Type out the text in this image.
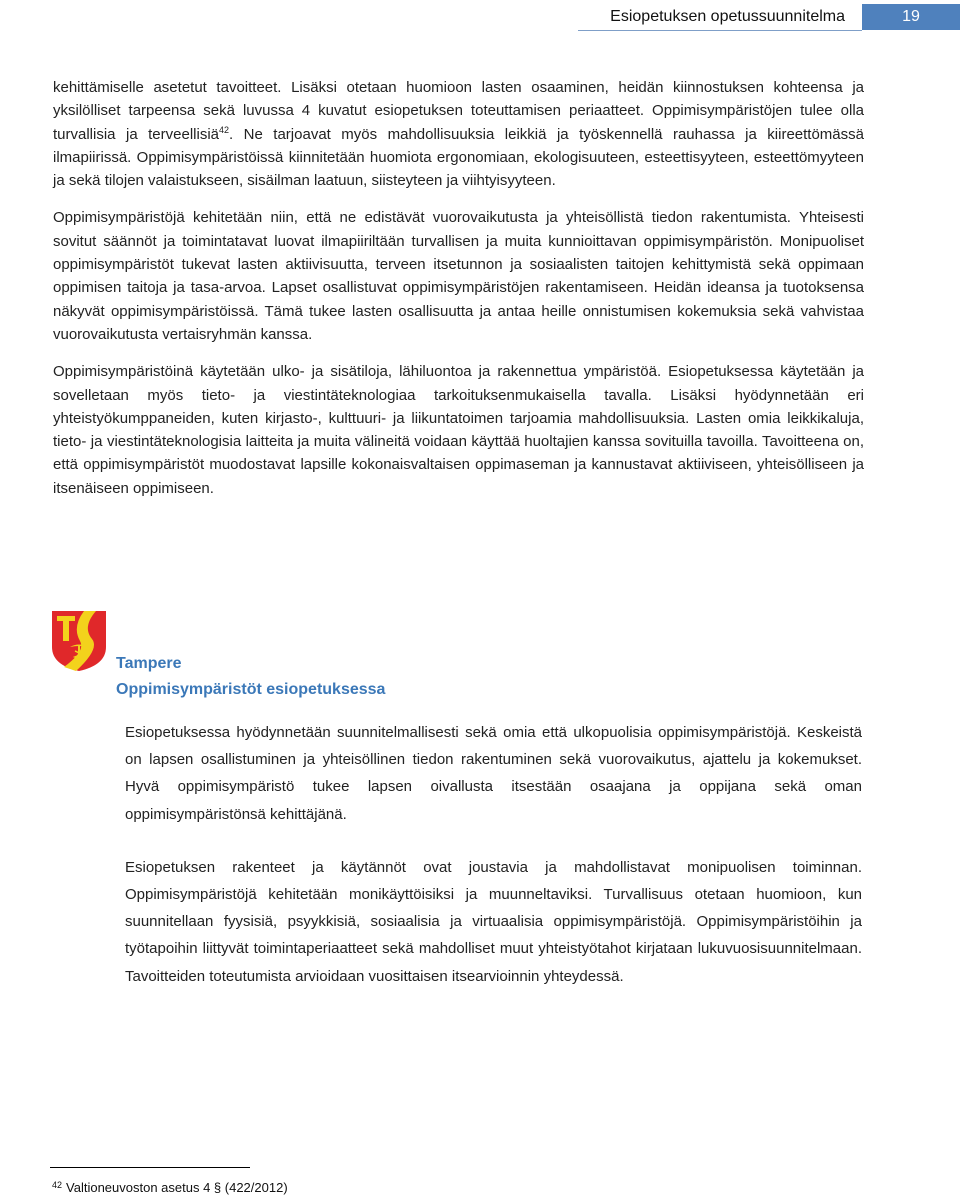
Esiopetuksen opetussuunnitelma	19

kehittämiselle asetetut tavoitteet. Lisäksi otetaan huomioon lasten osaaminen, heidän kiinnostuksen kohteensa ja yksilölliset tarpeensa sekä luvussa 4 kuvatut esiopetuksen toteuttamisen periaatteet. Oppimisympäristöjen tulee olla turvallisia ja terveellisiä$^{42}$. Ne tarjoavat myös mahdollisuuksia leikkiä ja työskennellä rauhassa ja kiireettömässä ilmapiirissä. Oppimisympäristöissä kiinnitetään huomiota ergonomiaan, ekologisuuteen, esteettisyyteen, esteettömyyteen ja sekä tilojen valaistukseen, sisäilman laatuun, siisteyteen ja viihtyisyyteen.

Oppimisympäristöjä kehitetään niin, että ne edistävät vuorovaikutusta ja yhteisöllistä tiedon rakentumista. Yhteisesti sovitut säännöt ja toimintatavat luovat ilmapiiriltään turvallisen ja muita kunnioittavan oppimisympäristön. Monipuoliset oppimisympäristöt tukevat lasten aktiivisuutta, terveen itsetunnon ja sosiaalisten taitojen kehittymistä sekä oppimaan oppimisen taitoja ja tasa-arvoa. Lapset osallistuvat oppimisympäristöjen rakentamiseen. Heidän ideansa ja tuotoksensa näkyvät oppimisympäristöissä. Tämä tukee lasten osallisuutta ja antaa heille onnistumisen kokemuksia sekä vahvistaa vuorovaikutusta vertaisryhmän kanssa.

Oppimisympäristöinä käytetään ulko- ja sisätiloja, lähiluontoa ja rakennettua ympäristöä. Esiopetuksessa käytetään ja sovelletaan myös tieto- ja viestintäteknologiaa tarkoituksenmukaisella tavalla. Lisäksi hyödynnetään eri yhteistyökumppaneiden, kuten kirjasto-, kulttuuri- ja liikuntatoimen tarjoamia mahdollisuuksia. Lasten omia leikkikaluja, tieto- ja viestintäteknologisia laitteita ja muita välineitä voidaan käyttää huoltajien kanssa sovituilla tavoilla. Tavoitteena on, että oppimisympäristöt muodostavat lapsille kokonaisvaltaisen oppimaseman ja kannustavat aktiiviseen, yhteisölliseen ja itsenäiseen oppimiseen.

Tampere
Oppimisympäristöt esiopetuksessa

Esiopetuksessa hyödynnetään suunnitelmallisesti sekä omia että ulkopuolisia oppimisympäristöjä. Keskeistä on lapsen osallistuminen ja yhteisöllinen tiedon rakentuminen sekä vuorovaikutus, ajattelu ja kokemukset. Hyvä oppimisympäristö tukee lapsen oivallusta itsestään osaajana ja oppijana sekä oman oppimisympäristönsä kehittäjänä.

Esiopetuksen rakenteet ja käytännöt ovat joustavia ja mahdollistavat monipuolisen toiminnan. Oppimisympäristöjä kehitetään monikäyttöisiksi ja muunneltaviksi. Turvallisuus otetaan huomioon, kun suunnitellaan fyysisiä, psyykkisiä, sosiaalisia ja virtuaalisia oppimisympäristöjä. Oppimisympäristöihin ja työtapoihin liittyvät toimintaperiaatteet sekä mahdolliset muut yhteistyötahot kirjataan lukuvuosisuunnitelmaan. Tavoitteiden toteutumista arvioidaan vuosittaisen itsearvioinnin yhteydessä.

$^{42}$ Valtioneuvoston asetus 4 § (422/2012)
